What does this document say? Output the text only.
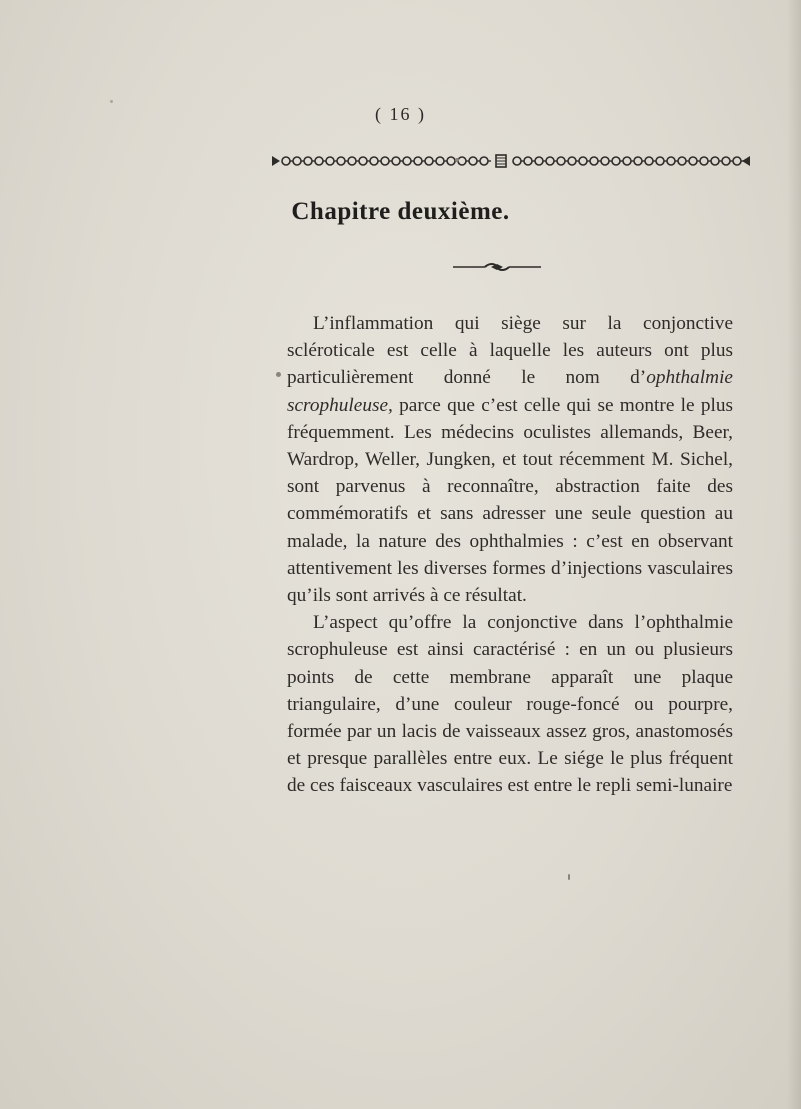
( 16 )
Chapitre deuxième.

L’inflammation qui siège sur la conjonctive scléroticale est celle à laquelle les auteurs ont plus particulièrement donné le nom d’ophthalmie scrophuleuse, parce que c’est celle qui se montre le plus fréquemment. Les médecins oculistes allemands, Beer, Wardrop, Weller, Jungken, et tout récemment M. Sichel, sont parvenus à reconnaître, abstraction faite des commémoratifs et sans adresser une seule question au malade, la nature des ophthalmies : c’est en observant attentivement les diverses formes d’injections vasculaires qu’ils sont arrivés à ce résultat.

L’aspect qu’offre la conjonctive dans l’ophthalmie scrophuleuse est ainsi caractérisé : en un ou plusieurs points de cette membrane apparaît une plaque triangulaire, d’une couleur rouge-foncé ou pourpre, formée par un lacis de vaisseaux assez gros, anastomosés et presque parallèles entre eux. Le siége le plus fréquent de ces faisceaux vasculaires est entre le repli semi-lunaire
